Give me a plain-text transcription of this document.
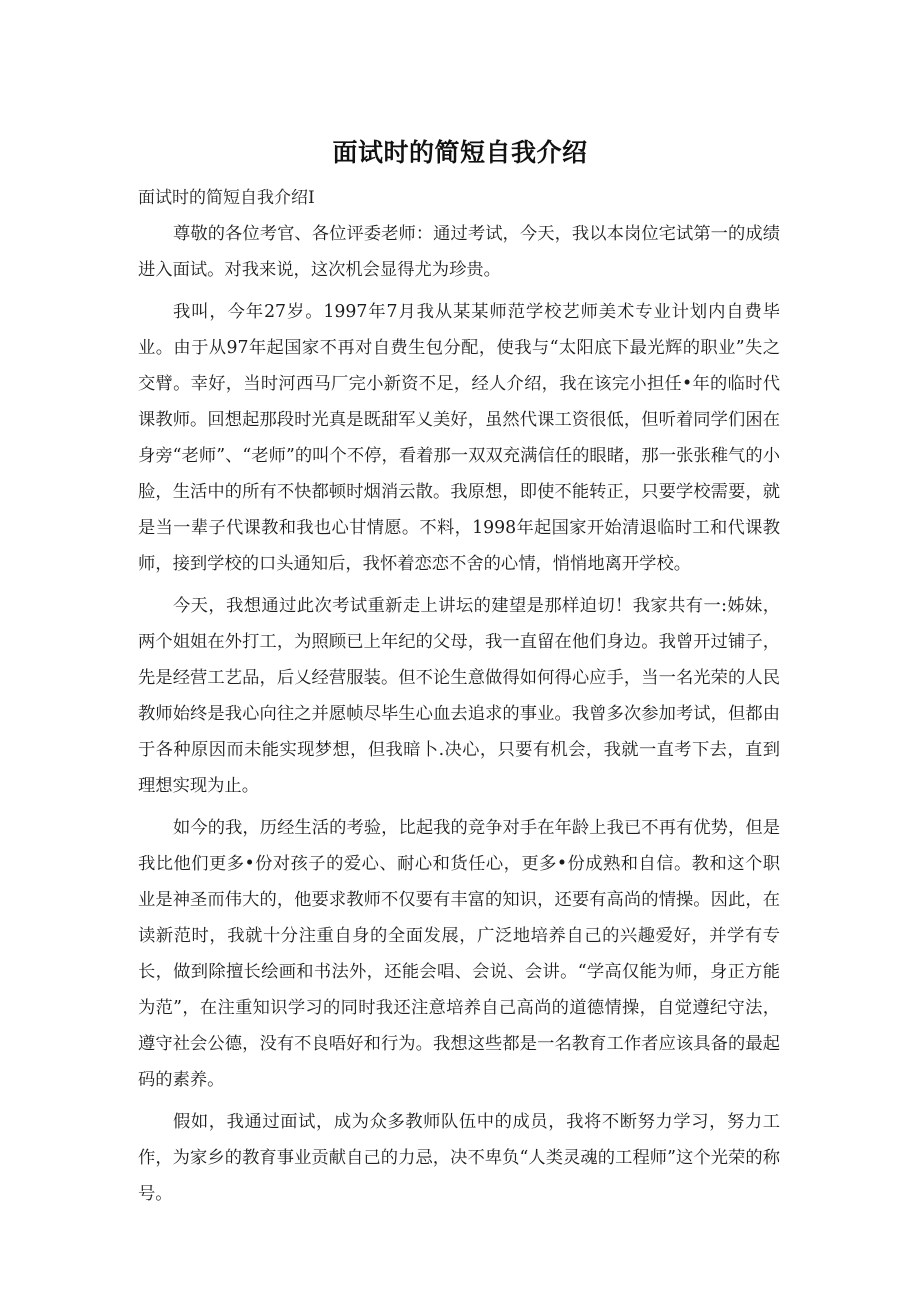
面试时的简短自我介绍

面试时的简短自我介绍I

尊敬的各位考官、各位评委老师：通过考试，今天，我以本岗位宅试第一的成绩进入面试。对我来说，这次机会显得尤为珍贵。

我叫，今年27岁。1997年7月我从某某师范学校艺师美术专业计划内自费毕业。由于从97年起国家不再对自费生包分配，使我与“太阳底下最光辉的职业”失之交臂。幸好，当时河西马厂完小新资不足，经人介绍，我在该完小担任•年的临时代课教师。回想起那段时光真是既甜军乂美好，虽然代课工资很低，但听着同学们困在身旁“老师”、“老师”的叫个不停，看着那一双双充满信任的眼睹，那一张张稚气的小脸，生活中的所有不快都顿时烟消云散。我原想，即使不能转正，只要学校需要，就是当一辈子代课教和我也心甘情愿。不料，1998年起国家开始清退临时工和代课教师，接到学校的口头通知后，我怀着恋恋不舍的心情，悄悄地离开学校。

今天，我想通过此次考试重新走上讲坛的建望是那样迫切！我家共有一:姊妹，两个姐姐在外打工，为照顾已上年纪的父母，我一直留在他们身边。我曾开过铺子，先是经营工艺品，后乂经营服装。但不论生意做得如何得心应手，当一名光荣的人民教师始终是我心向往之并愿帧尽毕生心血去追求的事业。我曾多次参加考试，但都由于各种原因而未能实现梦想，但我暗卜.决心，只要有机会，我就一直考下去，直到理想实现为止。

如今的我，历经生活的考验，比起我的竞争对手在年龄上我已不再有优势，但是我比他们更多•份对孩子的爱心、耐心和货任心，更多•份成熟和自信。教和这个职业是神圣而伟大的，他要求教师不仅要有丰富的知识，还要有高尚的情操。因此，在读新范时，我就十分注重自身的全面发展，广泛地培养自己的兴趣爱好，并学有专长，做到除擅长绘画和书法外，还能会唱、会说、会讲。“学高仅能为师，身正方能为范”，在注重知识学习的同时我还注意培养自己高尚的道德情操，自觉遵纪守法，遵守社会公德，没有不良唔好和行为。我想这些都是一名教育工作者应该具备的最起码的素养。

假如，我通过面试，成为众多教师队伍中的成员，我将不断努力学习，努力工作，为家乡的教育事业贡献自己的力忌，决不卑负“人类灵魂的工程师”这个光荣的称号。
